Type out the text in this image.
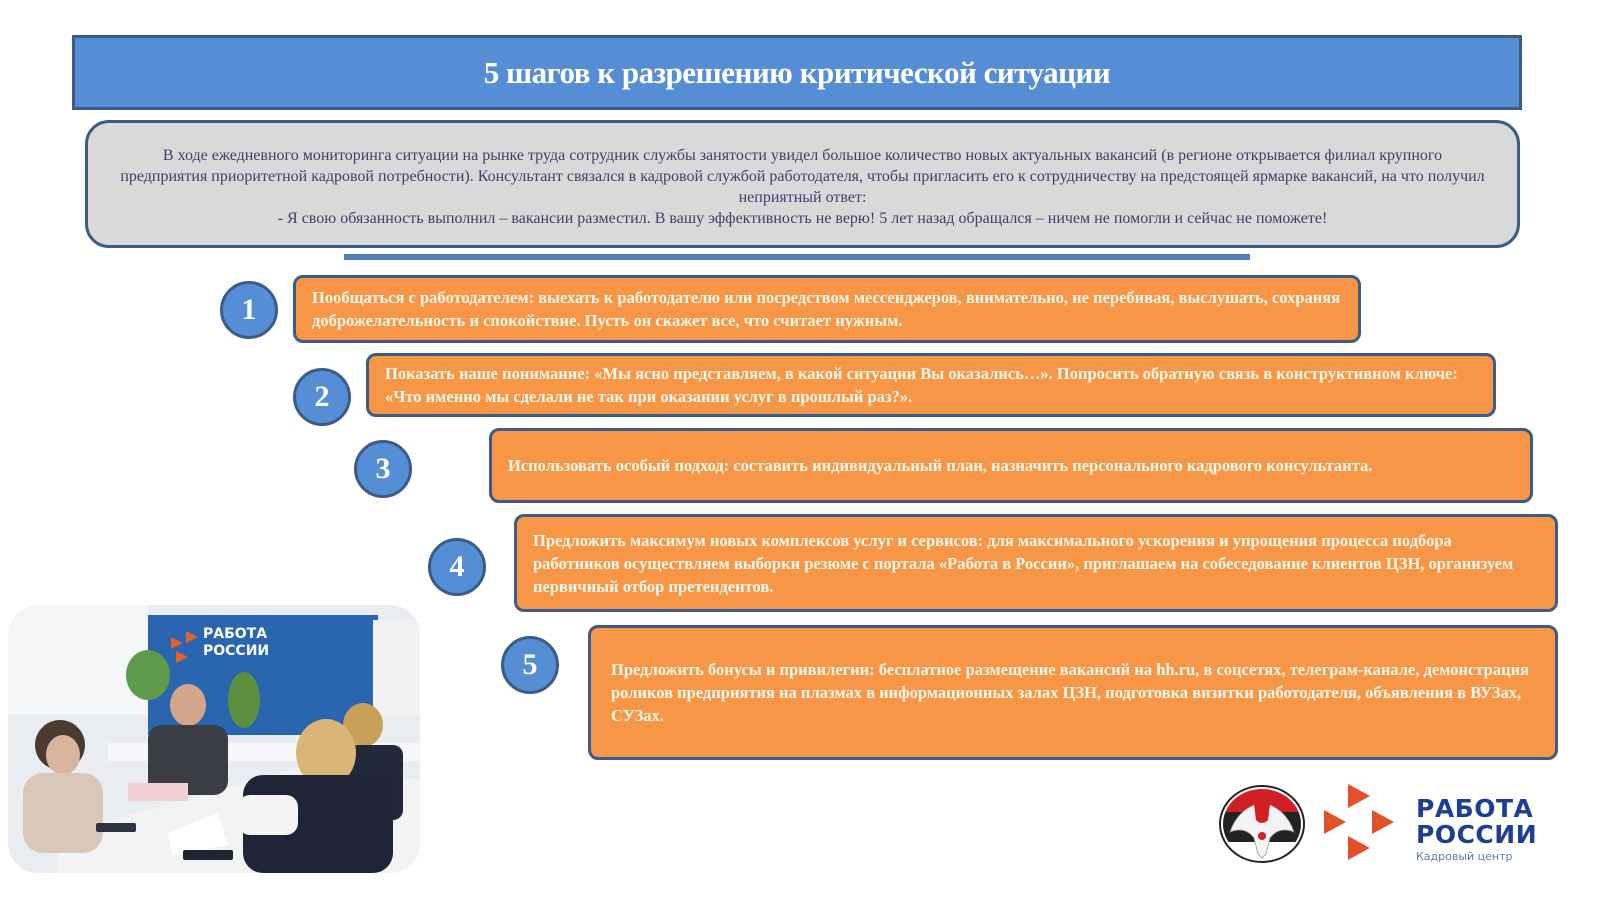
5 шагов к разрешению критической ситуации

В ходе ежедневного мониторинга ситуации на рынке труда сотрудник службы занятости увидел большое количество новых актуальных вакансий (в регионе открывается филиал крупного предприятия приоритетной кадровой потребности). Консультант связался в кадровой службой работодателя, чтобы пригласить его к сотрудничеству на предстоящей ярмарке вакансий, на что получил неприятный ответ:

- Я свою обязанность выполнил – вакансии разместил. В вашу эффективность не верю! 5 лет назад обращался – ничем не помогли и сейчас не поможете!

1	Пообщаться с работодателем: выехать к работодателю или посредством мессенджеров, внимательно, не перебивая, выслушать, сохраняя доброжелательность и спокойствие. Пусть он скажет все, что считает нужным.

2

Показать наше понимание: «Мы ясно представляем, в какой ситуации Вы оказались…». Попросить обратную связь в конструктивном ключе: «Что именно мы сделали не так при оказании услуг в прошлый раз?».

3	Использовать особый подход: составить индивидуальный план, назначить персонального кадрового консультанта.

4

Предложить максимум новых комплексов услуг и сервисов: для максимального ускорения и упрощения процесса подбора работников осуществляем выборки резюме с портала «Работа в России», приглашаем на собеседование клиентов ЦЗН, организуем первичный отбор претендентов.

5	Предложить бонусы и привилегии: бесплатное размещение вакансий на hh.ru, в соцсетях, телеграм-канале, демонстрация роликов предприятия на плазмах в информационных залах ЦЗН, подготовка визитки работодателя, объявления в ВУЗах, СУЗах.

РАБОТА
РОССИИ
РАБОТА
РОССИИ
Кадровый центр
